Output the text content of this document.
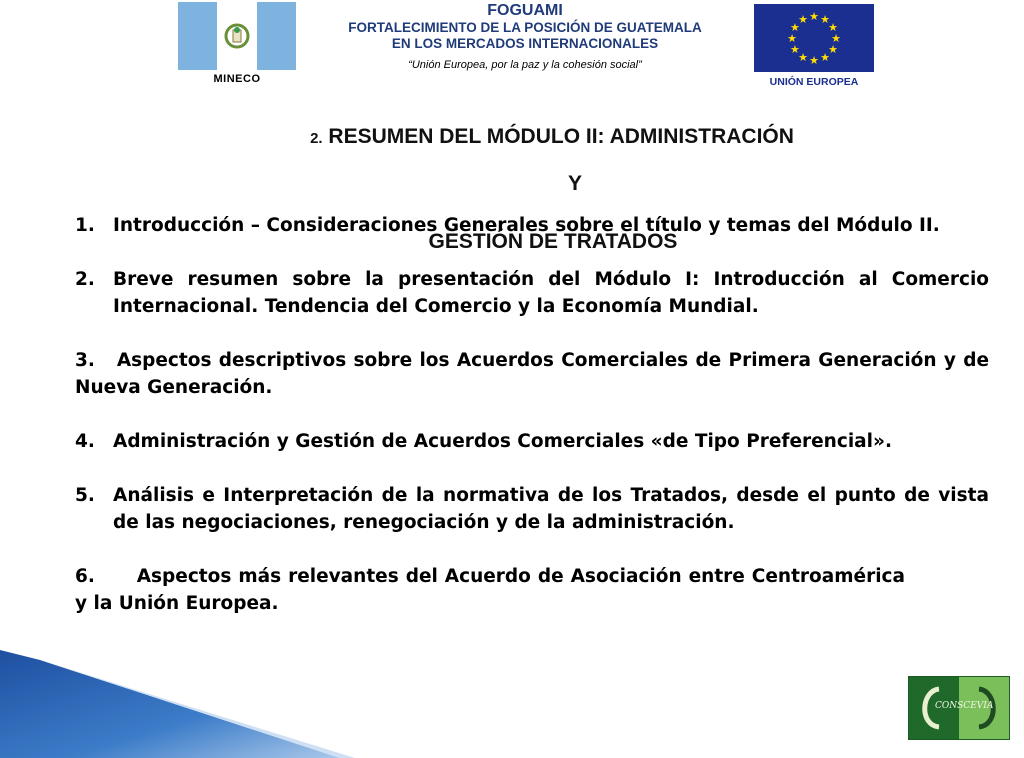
MINECO
FOGUAMI
FORTALECIMIENTO DE LA POSICIÓN DE GUATEMALA
EN LOS MERCADOS INTERNACIONALES
“Unión Europea, por la paz y la cohesión social”
★ ★
★
★
★
★
★
★
★
★
★
★
UNIÓN EUROPEA
2. RESUMEN DEL MÓDULO II: ADMINISTRACIÓN
Y
GESTIÓN DE TRATADOS
1. Introducción – Consideraciones Generales sobre el título y temas del Módulo II.
2. Breve resumen sobre la presentación del Módulo I: Introducción al Comercio Internacional. Tendencia del Comercio y la Economía Mundial.
3.   Aspectos descriptivos sobre los Acuerdos Comerciales de Primera Generación y de Nueva Generación.
4. Administración y Gestión de Acuerdos Comerciales «de Tipo Preferencial».
5. Análisis e Interpretación de la normativa de los Tratados, desde el punto de vista de las negociaciones, renegociación y de la administración.
6.      Aspectos más relevantes del Acuerdo de Asociación entre Centroamérica y la Unión Europea.
CONSCEVIA
